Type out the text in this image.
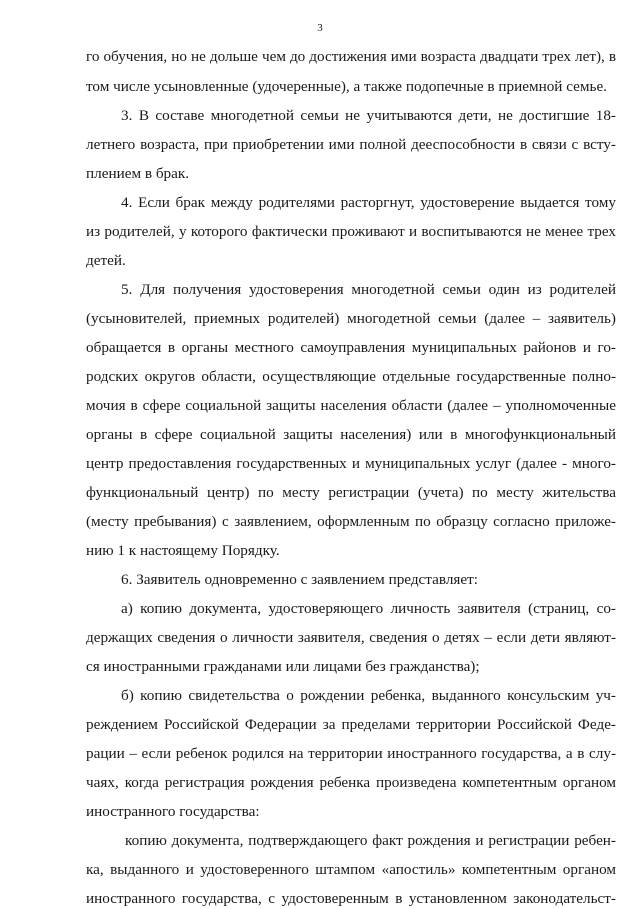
3
го обучения, но не дольше чем до достижения ими возраста двадцати трех лет), в
том числе усыновленные (удочеренные), а также подопечные в приемной семье.
3. В составе многодетной семьи не учитываются дети, не достигшие 18-
летнего возраста, при приобретении ими полной дееспособности в связи с всту-
плением в брак.
4. Если брак между родителями расторгнут, удостоверение выдается тому
из родителей, у которого фактически проживают и воспитываются не менее трех
детей.
5. Для получения удостоверения многодетной семьи один из родителей
(усыновителей, приемных родителей) многодетной семьи (далее – заявитель)
обращается в органы местного самоуправления муниципальных районов и го-
родских округов области, осуществляющие отдельные государственные полно-
мочия в сфере социальной защиты населения области (далее – уполномоченные
органы в сфере социальной защиты населения) или в многофункциональный
центр предоставления государственных и муниципальных услуг (далее - много-
функциональный центр) по месту регистрации (учета) по месту жительства
(месту пребывания) с заявлением, оформленным по образцу согласно приложе-
нию 1 к настоящему Порядку.
6. Заявитель одновременно с заявлением представляет:
а) копию документа, удостоверяющего личность заявителя (страниц, со-
держащих сведения о личности заявителя, сведения о детях – если дети являют-
ся иностранными гражданами или лицами без гражданства);
б) копию свидетельства о рождении ребенка, выданного консульским уч-
реждением Российской Федерации за пределами территории Российской Феде-
рации – если ребенок родился на территории иностранного государства, а в слу-
чаях, когда регистрация рождения ребенка произведена компетентным органом
иностранного государства:
копию документа, подтверждающего факт рождения и регистрации ребен-
ка, выданного и удостоверенного штампом «апостиль» компетентным органом
иностранного государства, с удостоверенным в установленном законодательст-
